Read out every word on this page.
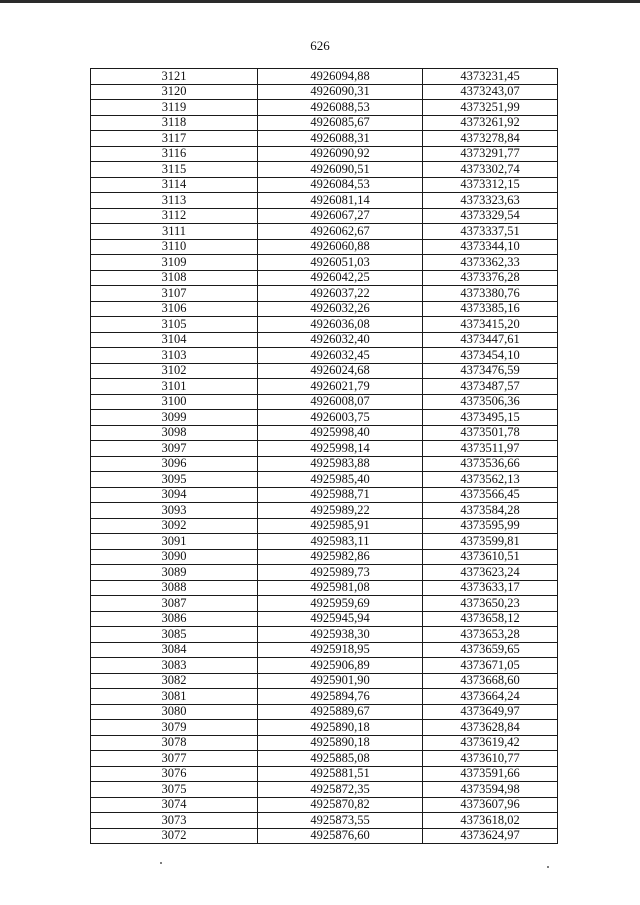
626
3121	4926094,88	4373231,45
3120	4926090,31	4373243,07
3119	4926088,53	4373251,99
3118	4926085,67	4373261,92
3117	4926088,31	4373278,84
3116	4926090,92	4373291,77
3115	4926090,51	4373302,74
3114	4926084,53	4373312,15
3113	4926081,14	4373323,63
3112	4926067,27	4373329,54
3111	4926062,67	4373337,51
3110	4926060,88	4373344,10
3109	4926051,03	4373362,33
3108	4926042,25	4373376,28
3107	4926037,22	4373380,76
3106	4926032,26	4373385,16
3105	4926036,08	4373415,20
3104	4926032,40	4373447,61
3103	4926032,45	4373454,10
3102	4926024,68	4373476,59
3101	4926021,79	4373487,57
3100	4926008,07	4373506,36
3099	4926003,75	4373495,15
3098	4925998,40	4373501,78
3097	4925998,14	4373511,97
3096	4925983,88	4373536,66
3095	4925985,40	4373562,13
3094	4925988,71	4373566,45
3093	4925989,22	4373584,28
3092	4925985,91	4373595,99
3091	4925983,11	4373599,81
3090	4925982,86	4373610,51
3089	4925989,73	4373623,24
3088	4925981,08	4373633,17
3087	4925959,69	4373650,23
3086	4925945,94	4373658,12
3085	4925938,30	4373653,28
3084	4925918,95	4373659,65
3083	4925906,89	4373671,05
3082	4925901,90	4373668,60
3081	4925894,76	4373664,24
3080	4925889,67	4373649,97
3079	4925890,18	4373628,84
3078	4925890,18	4373619,42
3077	4925885,08	4373610,77
3076	4925881,51	4373591,66
3075	4925872,35	4373594,98
3074	4925870,82	4373607,96
3073	4925873,55	4373618,02
3072	4925876,60	4373624,97
